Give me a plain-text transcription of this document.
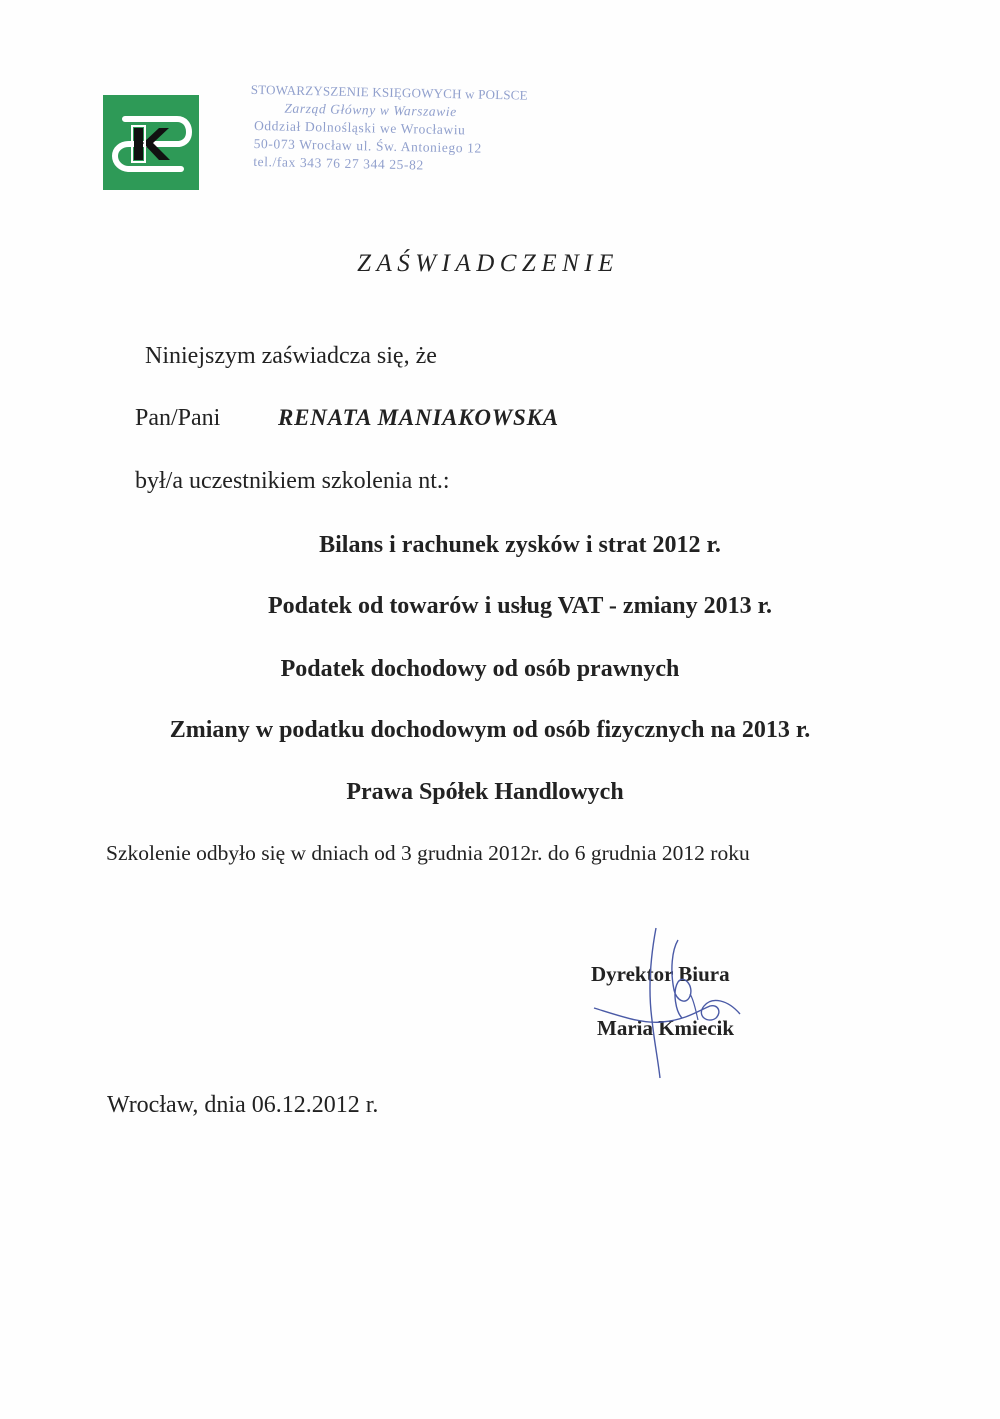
STOWARZYSZENIE KSIĘGOWYCH w POLSCE
Zarząd Główny w Warszawie
Oddział Dolnośląski we Wrocławiu
50-073 Wrocław ul. Św. Antoniego 12
tel./fax 343 76 27 344 25-82
ZAŚWIADCZENIE
Niniejszym zaświadcza się, że
Pan/Pani	RENATA MANIAKOWSKA
był/a uczestnikiem szkolenia nt.:
Bilans i rachunek zysków i strat 2012 r.
Podatek od towarów i usług VAT - zmiany 2013 r.
Podatek dochodowy od osób prawnych
Zmiany w podatku dochodowym od osób fizycznych na 2013 r.
Prawa Spółek Handlowych
Szkolenie odbyło się w dniach od 3 grudnia 2012r. do 6 grudnia 2012 roku
Dyrektor Biura
Maria Kmiecik
Wrocław, dnia 06.12.2012 r.
